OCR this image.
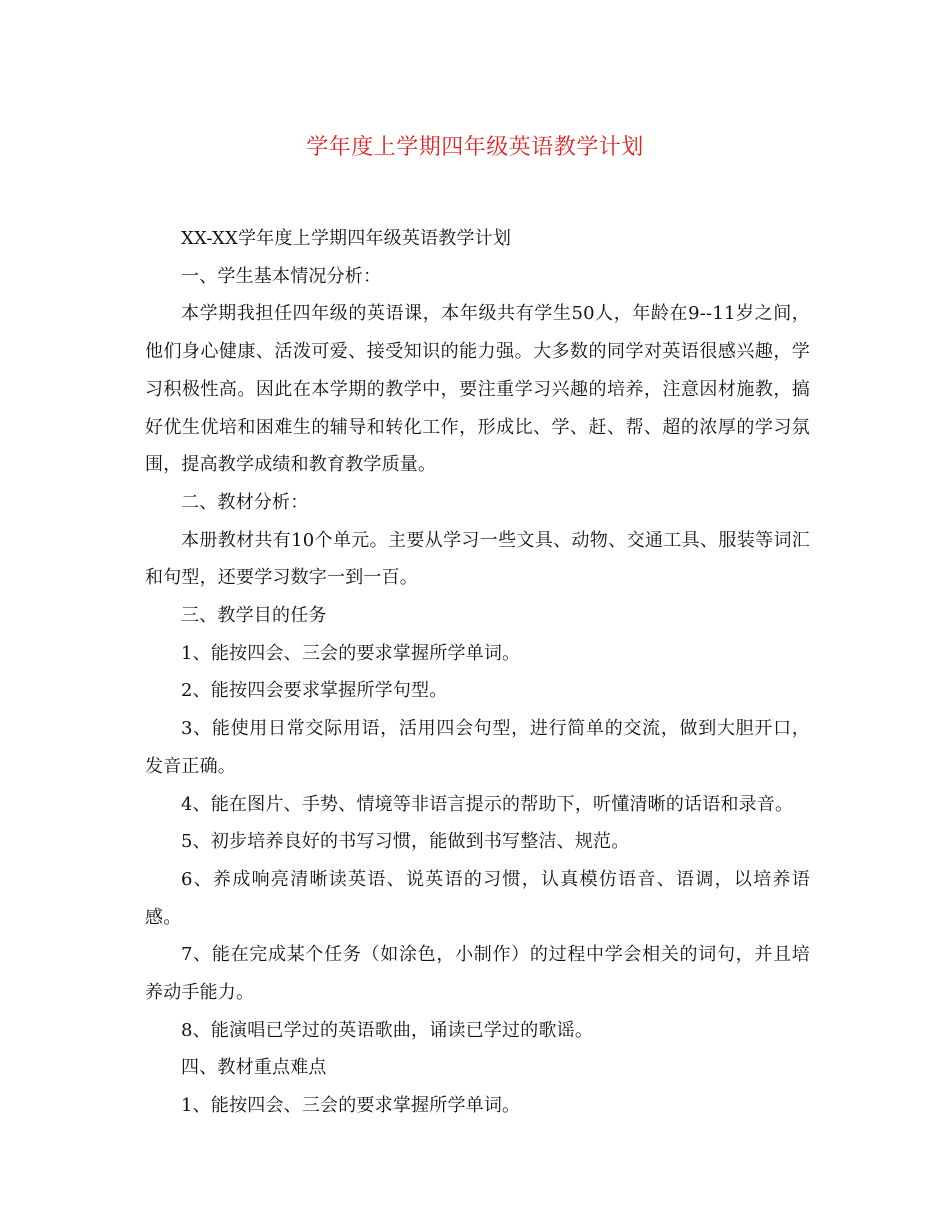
学年度上学期四年级英语教学计划

XX-XX学年度上学期四年级英语教学计划

一、学生基本情况分析：

本学期我担任四年级的英语课，本年级共有学生50人，年龄在9--11岁之间，他们身心健康、活泼可爱、接受知识的能力强。大多数的同学对英语很感兴趣，学习积极性高。因此在本学期的教学中，要注重学习兴趣的培养，注意因材施教，搞好优生优培和困难生的辅导和转化工作，形成比、学、赶、帮、超的浓厚的学习氛围，提高教学成绩和教育教学质量。

二、教材分析：

本册教材共有10个单元。主要从学习一些文具、动物、交通工具、服装等词汇和句型，还要学习数字一到一百。

三、教学目的任务

1、能按四会、三会的要求掌握所学单词。

2、能按四会要求掌握所学句型。

3、能使用日常交际用语，活用四会句型，进行简单的交流，做到大胆开口，发音正确。

4、能在图片、手势、情境等非语言提示的帮助下，听懂清晰的话语和录音。

5、初步培养良好的书写习惯，能做到书写整洁、规范。

6、养成响亮清晰读英语、说英语的习惯，认真模仿语音、语调，以培养语感。

7、能在完成某个任务（如涂色，小制作）的过程中学会相关的词句，并且培养动手能力。

8、能演唱已学过的英语歌曲，诵读已学过的歌谣。

四、教材重点难点

1、能按四会、三会的要求掌握所学单词。
